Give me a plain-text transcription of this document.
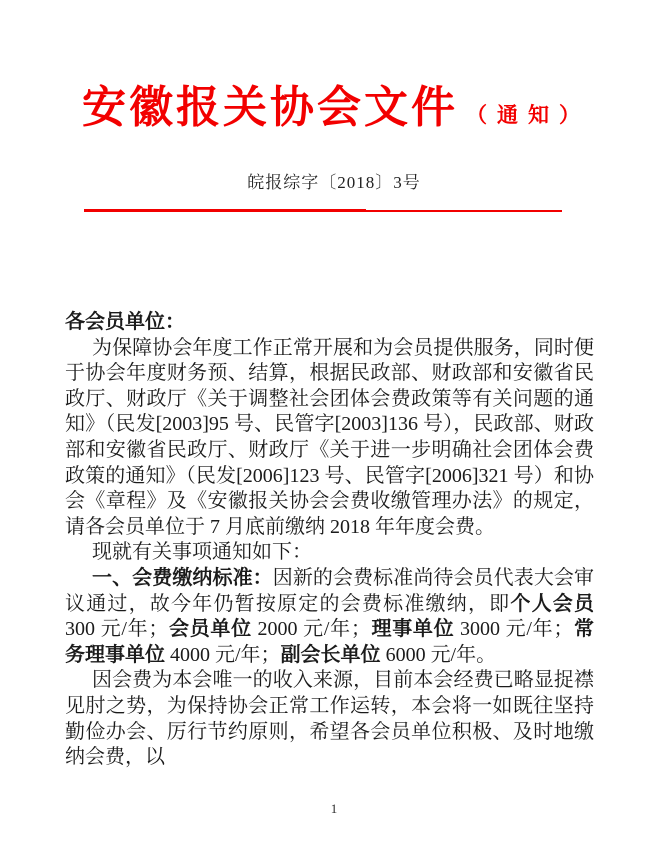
安徽报关协会文件 （通知）
皖报综字〔2018〕3号

各会员单位：

为保障协会年度工作正常开展和为会员提供服务，同时便于协会年度财务预、结算，根据民政部、财政部和安徽省民政厅、财政厅《关于调整社会团体会费政策等有关问题的通知》（民发[2003]95 号、民管字[2003]136 号），民政部、财政部和安徽省民政厅、财政厅《关于进一步明确社会团体会费政策的通知》（民发[2006]123 号、民管字[2006]321 号）和协会《章程》及《安徽报关协会会费收缴管理办法》的规定，请各会员单位于 7 月底前缴纳 2018 年年度会费。

现就有关事项通知如下：

一、会费缴纳标准：因新的会费标准尚待会员代表大会审议通过，故今年仍暂按原定的会费标准缴纳，即个人会员 300 元/年；会员单位 2000 元/年；理事单位 3000 元/年；常务理事单位 4000 元/年；副会长单位 6000 元/年。

因会费为本会唯一的收入来源，目前本会经费已略显捉襟见肘之势，为保持协会正常工作运转，本会将一如既往坚持勤俭办会、厉行节约原则，希望各会员单位积极、及时地缴纳会费，以

1
